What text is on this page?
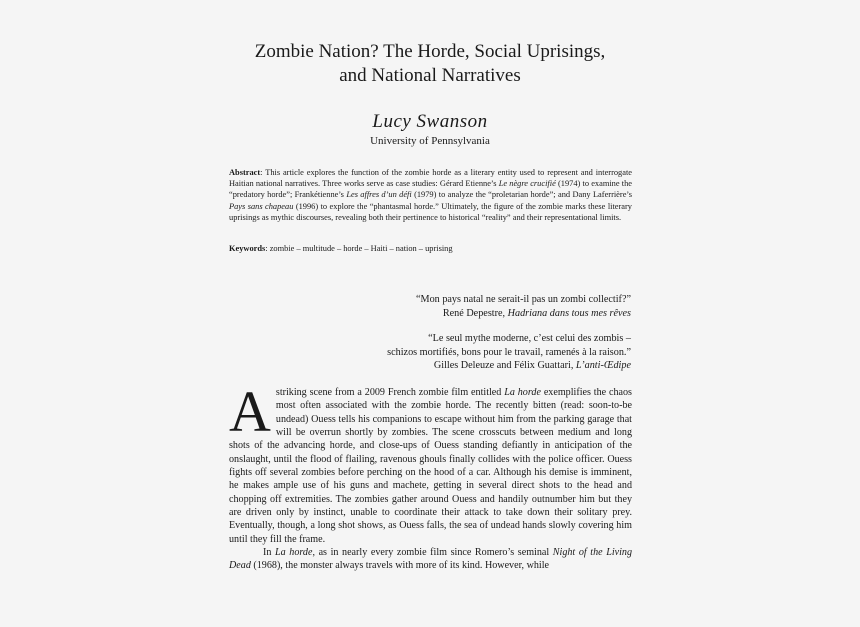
Zombie Nation? The Horde, Social Uprisings,
and National Narratives
Lucy Swanson
University of Pennsylvania
Abstract: This article explores the function of the zombie horde as a literary entity used to represent and interrogate Haitian national narratives. Three works serve as case studies: Gérard Etienne’s Le nègre crucifié (1974) to examine the “predatory horde”; Frankétienne’s Les affres d’un défi (1979) to analyze the “proletarian horde”; and Dany Laferrière’s Pays sans chapeau (1996) to explore the “phantasmal horde.” Ultimately, the figure of the zombie marks these literary uprisings as mythic discourses, revealing both their pertinence to historical “reality” and their representational limits.
Keywords: zombie – multitude – horde – Haiti – nation – uprising
“Mon pays natal ne serait-il pas un zombi collectif?”
René Depestre, Hadriana dans tous mes rêves
“Le seul mythe moderne, c’est celui des zombis –
schizos mortifiés, bons pour le travail, ramenés à la raison.”
Gilles Deleuze and Félix Guattari, L’anti-Œdipe

Astriking scene from a 2009 French zombie film entitled La horde exemplifies the chaos most often associated with the zombie horde. The recently bitten (read: soon-to-be undead) Ouess tells his companions to escape without him from the parking garage that will be overrun shortly by zombies. The scene crosscuts between medium and long shots of the advancing horde, and close-ups of Ouess standing defiantly in anticipation of the onslaught, until the flood of flailing, ravenous ghouls finally collides with the police officer. Ouess fights off several zombies before perching on the hood of a car. Although his demise is imminent, he makes ample use of his guns and machete, getting in several direct shots to the head and chopping off extremities. The zombies gather around Ouess and handily outnumber him but they are driven only by instinct, unable to coordinate their attack to take down their solitary prey. Eventually, though, a long shot shows, as Ouess falls, the sea of undead hands slowly covering him until they fill the frame.

In La horde, as in nearly every zombie film since Romero’s seminal Night of the Living Dead (1968), the monster always travels with more of its kind. However, while
